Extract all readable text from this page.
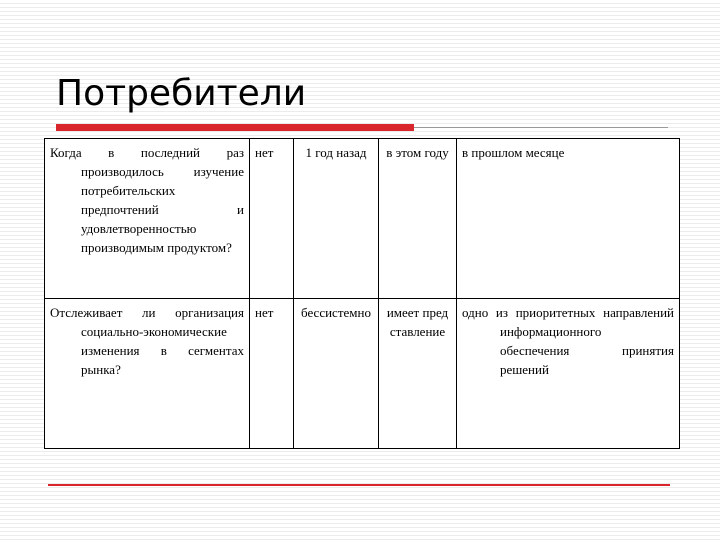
Потребители
Когда в последний раз производилось изучение потребительских предпочтений и удовлетворенностью производимым продуктом?	нет	1 год назад	в этом году	в прошлом месяце
Отслеживает ли организация социально-экономические изменения в сегментах рынка?	нет	бессистемно	имеет представление	одно из приоритетных направлений информационного обеспечения принятия решений
